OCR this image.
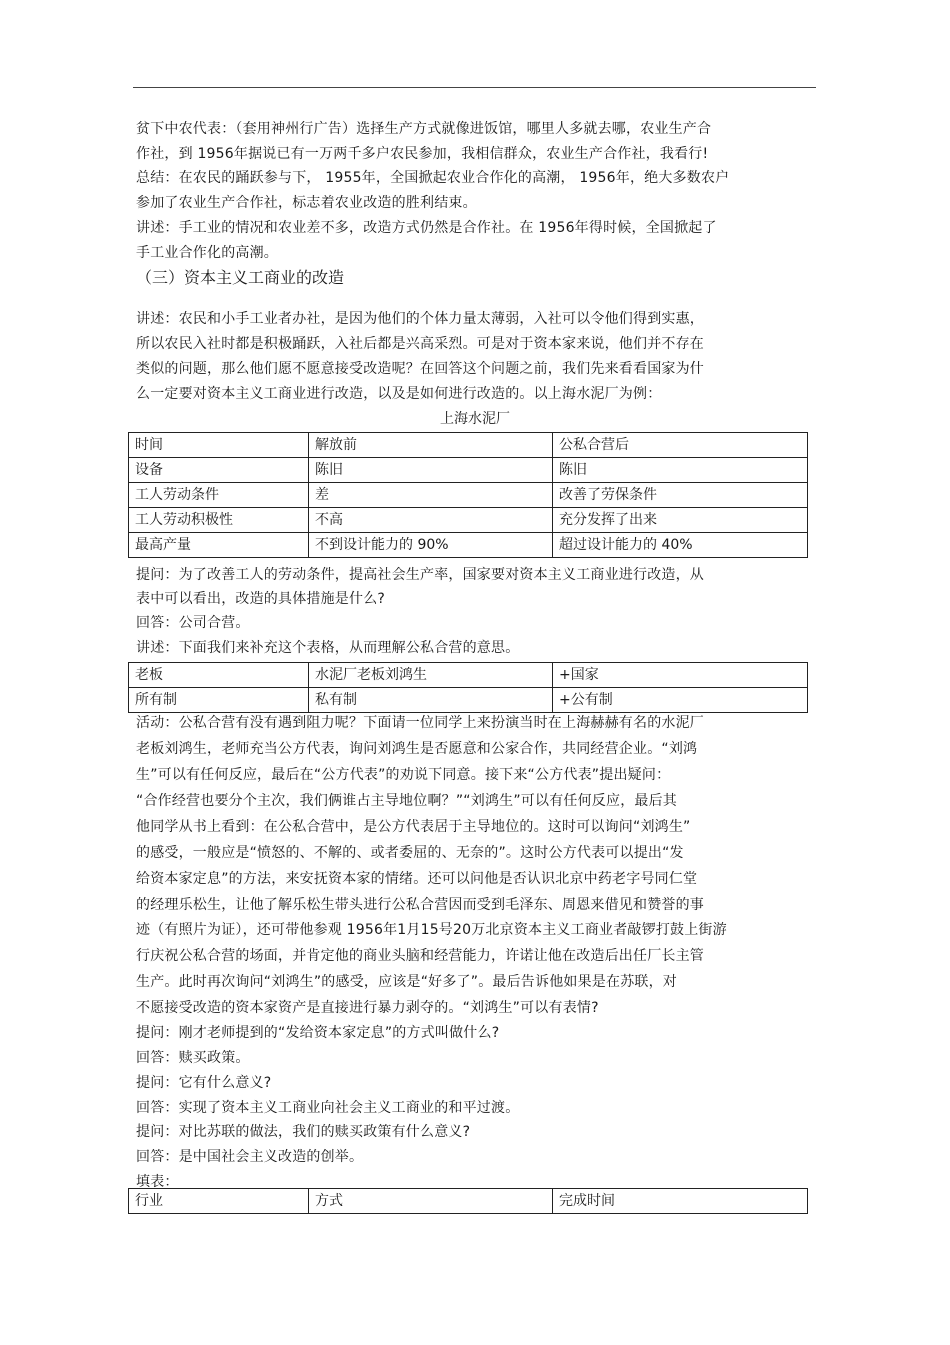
贫下中农代表：（套用神州行广告）选择生产方式就像进饭馆，哪里人多就去哪，农业生产合
作社，到 1956年据说已有一万两千多户农民参加，我相信群众，农业生产合作社，我看行!
总结：在农民的踊跃参与下， 1955年，全国掀起农业合作化的高潮， 1956年，绝大多数农户
参加了农业生产合作社，标志着农业改造的胜利结束。
讲述：手工业的情况和农业差不多，改造方式仍然是合作社。在 1956年得时候，全国掀起了
手工业合作化的高潮。
（三）资本主义工商业的改造
讲述：农民和小手工业者办社，是因为他们的个体力量太薄弱，入社可以令他们得到实惠，
所以农民入社时都是积极踊跃，入社后都是兴高采烈。可是对于资本家来说，他们并不存在
类似的问题，那么他们愿不愿意接受改造呢？在回答这个问题之前，我们先来看看国家为什
么一定要对资本主义工商业进行改造，以及是如何进行改造的。以上海水泥厂为例：
上海水泥厂
时间	解放前	公私合营后
设备	陈旧	陈旧
工人劳动条件	差	改善了劳保条件
工人劳动积极性	不高	充分发挥了出来
最高产量	不到设计能力的 90%	超过设计能力的 40%
提问：为了改善工人的劳动条件，提高社会生产率，国家要对资本主义工商业进行改造，从
表中可以看出，改造的具体措施是什么?
回答：公司合营。
讲述：下面我们来补充这个表格，从而理解公私合营的意思。
老板	水泥厂老板刘鸿生	+国家
所有制	私有制	+公有制
活动：公私合营有没有遇到阻力呢？下面请一位同学上来扮演当时在上海赫赫有名的水泥厂
老板刘鸿生，老师充当公方代表，询问刘鸿生是否愿意和公家合作，共同经营企业。“刘鸿
生”可以有任何反应，最后在“公方代表”的劝说下同意。接下来“公方代表”提出疑问：
“合作经营也要分个主次，我们俩谁占主导地位啊？”“刘鸿生”可以有任何反应，最后其
他同学从书上看到：在公私合营中，是公方代表居于主导地位的。这时可以询问“刘鸿生”
的感受，一般应是“愤怒的、不解的、或者委屈的、无奈的”。这时公方代表可以提出“发
给资本家定息”的方法，来安抚资本家的情绪。还可以问他是否认识北京中药老字号同仁堂
的经理乐松生，让他了解乐松生带头进行公私合营因而受到毛泽东、周恩来借见和赞誉的事
迹（有照片为证），还可带他参观 1956年1月15号20万北京资本主义工商业者敲锣打鼓上街游
行庆祝公私合营的场面，并肯定他的商业头脑和经营能力，许诺让他在改造后出任厂长主管
生产。此时再次询问“刘鸿生”的感受，应该是“好多了”。最后告诉他如果是在苏联，对
不愿接受改造的资本家资产是直接进行暴力剥夺的。“刘鸿生”可以有表情?
提问：刚才老师提到的“发给资本家定息”的方式叫做什么?
回答：赎买政策。
提问：它有什么意义?
回答：实现了资本主义工商业向社会主义工商业的和平过渡。
提问：对比苏联的做法，我们的赎买政策有什么意义?
回答：是中国社会主义改造的创举。
填表：
行业	方式	完成时间
